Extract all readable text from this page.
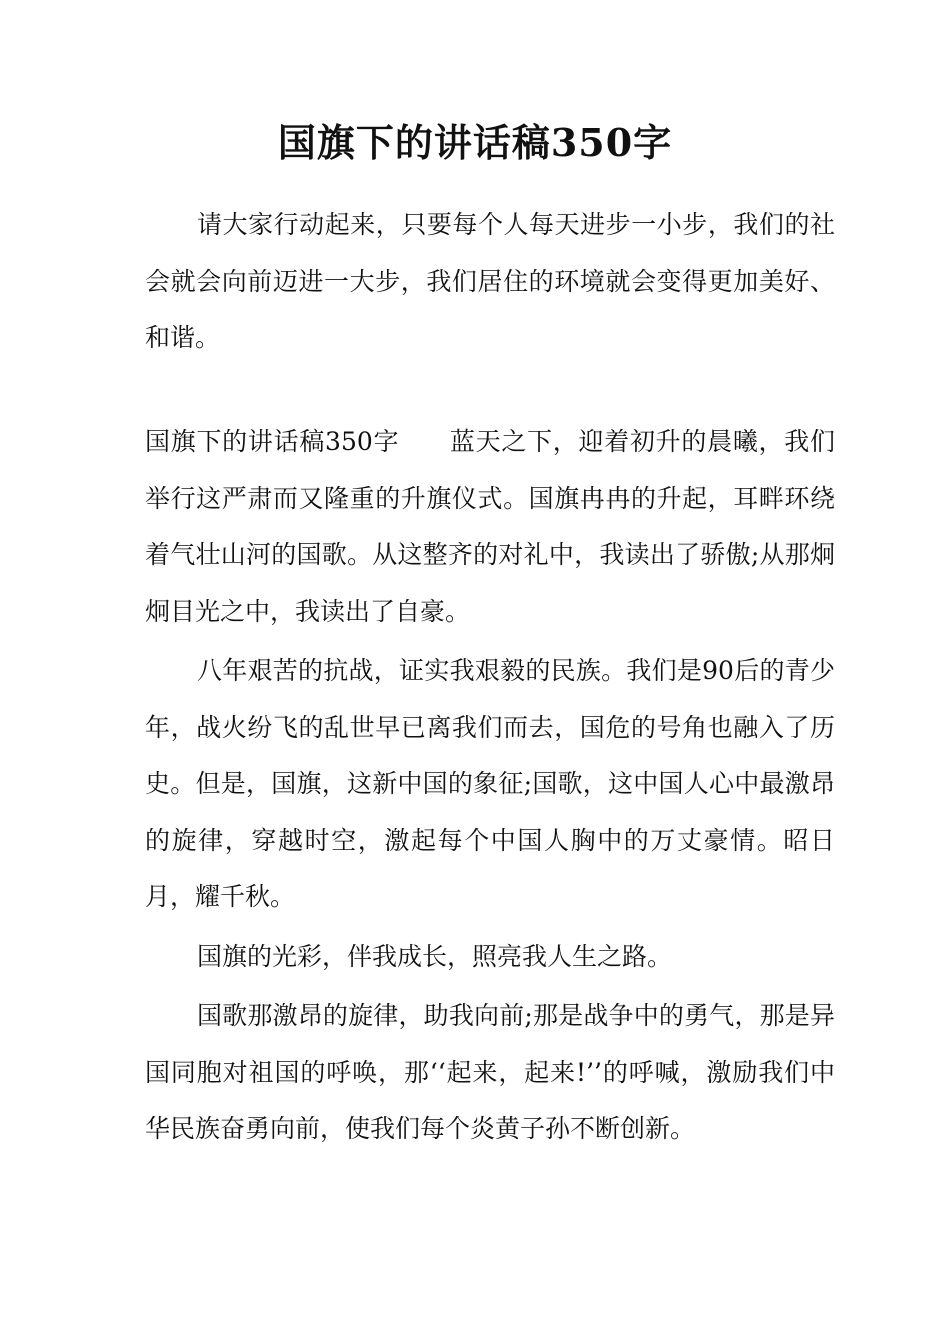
国旗下的讲话稿350字

请大家行动起来，只要每个人每天进步一小步，我们的社会就会向前迈进一大步，我们居住的环境就会变得更加美好、和谐。

国旗下的讲话稿350字 蓝天之下，迎着初升的晨曦，我们举行这严肃而又隆重的升旗仪式。国旗冉冉的升起，耳畔环绕着气壮山河的国歌。从这整齐的对礼中，我读出了骄傲;从那炯炯目光之中，我读出了自豪。

八年艰苦的抗战，证实我艰毅的民族。我们是90后的青少年，战火纷飞的乱世早已离我们而去，国危的号角也融入了历史。但是，国旗，这新中国的象征;国歌，这中国人心中最激昂的旋律，穿越时空，激起每个中国人胸中的万丈豪情。昭日月，耀千秋。

国旗的光彩，伴我成长，照亮我人生之路。

国歌那激昂的旋律，助我向前;那是战争中的勇气，那是异国同胞对祖国的呼唤，那‘‘起来，起来!’’的呼喊，激励我们中华民族奋勇向前，使我们每个炎黄子孙不断创新。
